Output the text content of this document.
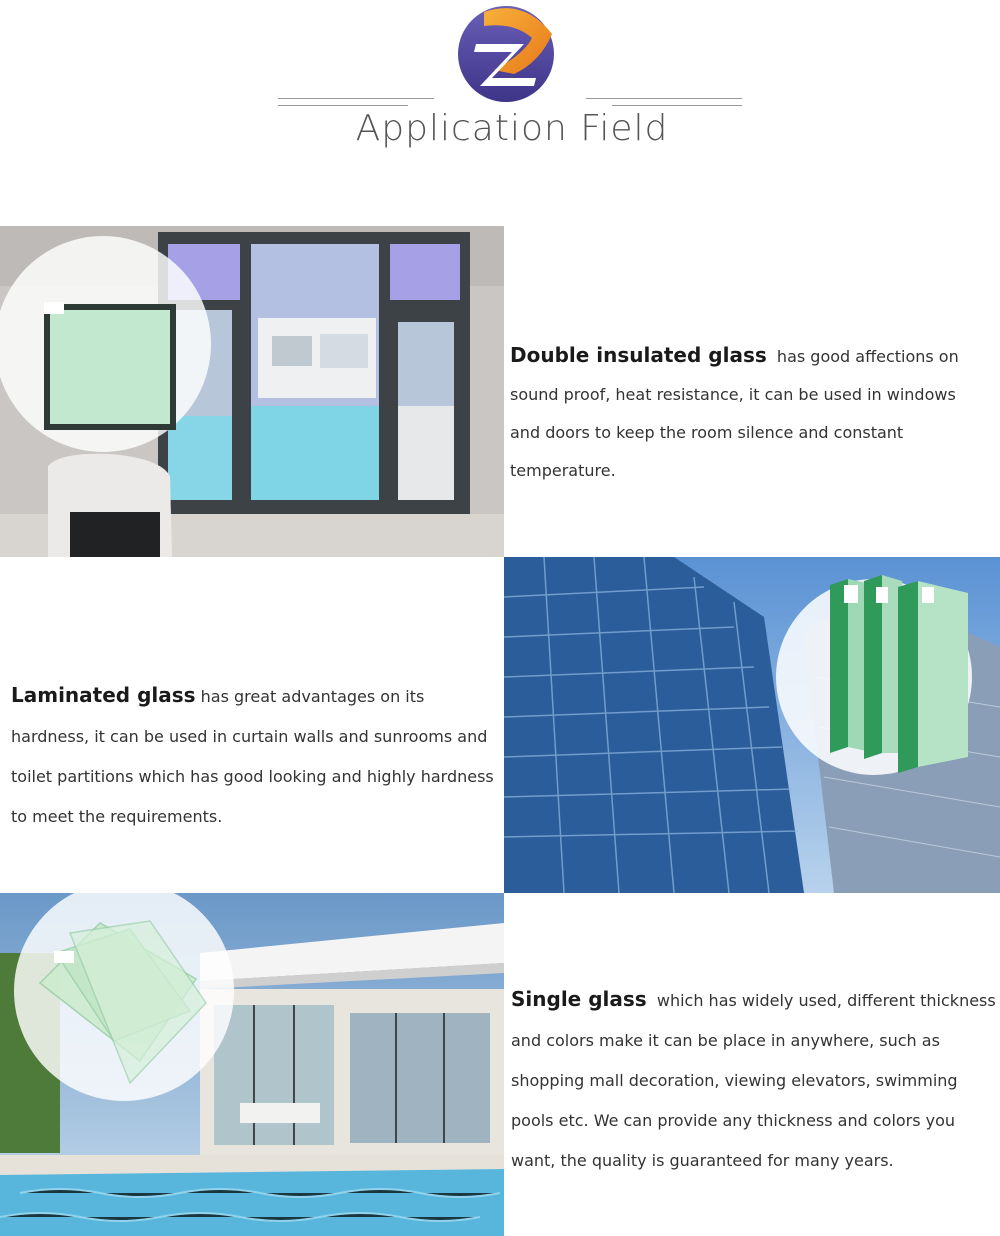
Application Field
Double insulated glass has good affections on sound proof, heat resistance, it can be used in windows and doors to keep the room silence and constant temperature.
Laminated glass has great advantages on its hardness, it can be used in curtain walls and sunrooms and toilet partitions which has good looking and highly hardness to meet the requirements.
Single glass which has widely used, different thickness and colors make it can be place in anywhere, such as shopping mall decoration, viewing elevators, swimming pools etc. We can provide any thickness and colors you want, the quality is guaranteed for many years.
